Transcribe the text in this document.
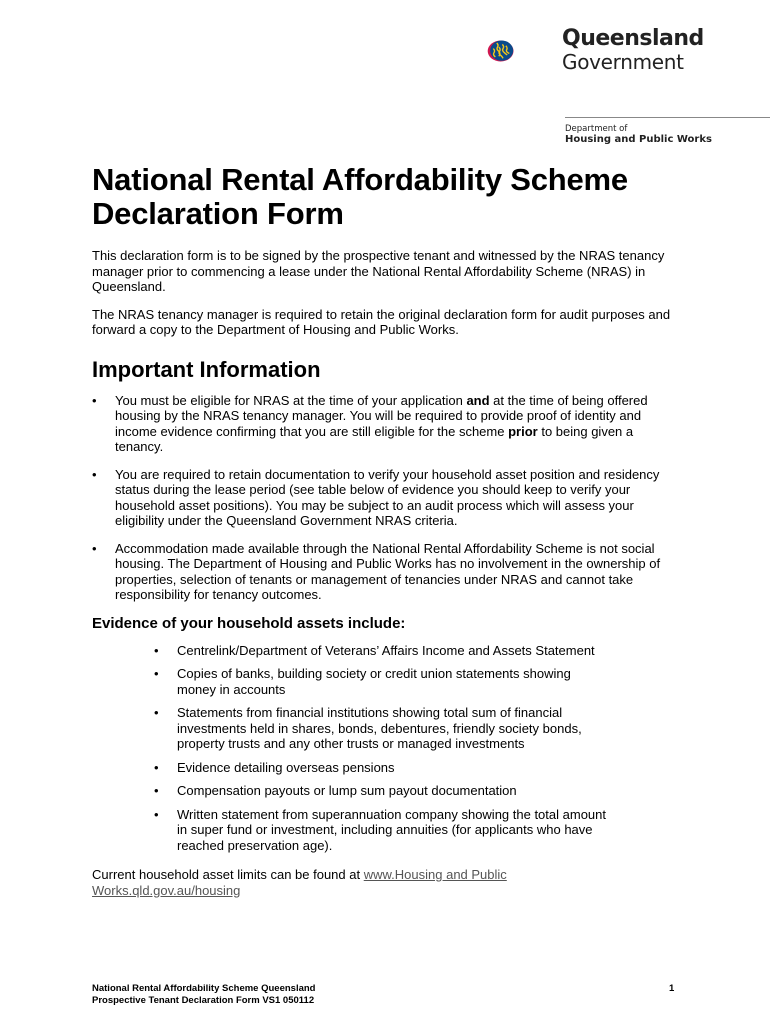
Queensland
Government
Department of
Housing and Public Works
National Rental Affordability Scheme
Declaration Form

This declaration form is to be signed by the prospective tenant and witnessed by the NRAS tenancy manager prior to commencing a lease under the National Rental Affordability Scheme (NRAS) in Queensland.

The NRAS tenancy manager is required to retain the original declaration form for audit purposes and forward a copy to the Department of Housing and Public Works.

Important Information
• You must be eligible for NRAS at the time of your application and at the time of being offered housing by the NRAS tenancy manager. You will be required to provide proof of identity and income evidence confirming that you are still eligible for the scheme prior to being given a tenancy.
• You are required to retain documentation to verify your household asset position and residency status during the lease period (see table below of evidence you should keep to verify your household asset positions). You may be subject to an audit process which will assess your eligibility under the Queensland Government NRAS criteria.
• Accommodation made available through the National Rental Affordability Scheme is not social housing. The Department of Housing and Public Works has no involvement in the ownership of properties, selection of tenants or management of tenancies under NRAS and cannot take responsibility for tenancy outcomes.
Evidence of your household assets include:
• Centrelink/Department of Veterans’ Affairs Income and Assets Statement
• Copies of banks, building society or credit union statements showing money in accounts
• Statements from financial institutions showing total sum of financial investments held in shares, bonds, debentures, friendly society bonds, property trusts and any other trusts or managed investments
• Evidence detailing overseas pensions
• Compensation payouts or lump sum payout documentation
• Written statement from superannuation company showing the total amount in super fund or investment, including annuities (for applicants who have reached preservation age).

Current household asset limits can be found at www.Housing and Public Works.qld.gov.au/housing

National Rental Affordability Scheme Queensland
Prospective Tenant Declaration Form VS1 050112
1
